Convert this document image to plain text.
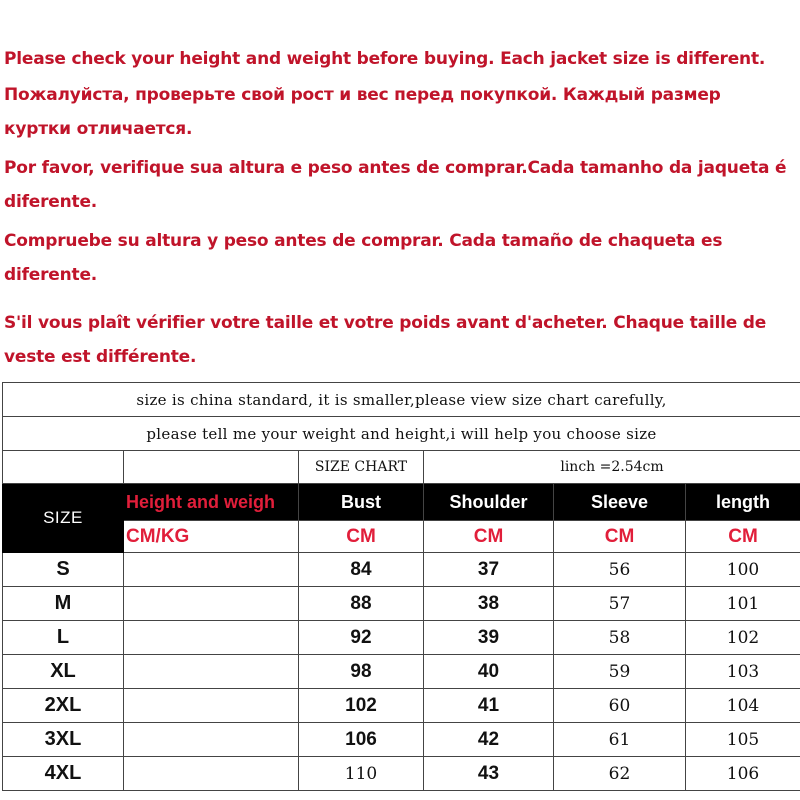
Please check your height and weight before buying. Each jacket size is different.

Пожалуйста, проверьте свой рост и вес перед покупкой. Каждый размер

куртки отличается.

Por favor, verifique sua altura e peso antes de comprar.Cada tamanho da jaqueta é

diferente.

Compruebe su altura y peso antes de comprar. Cada tamaño de chaqueta es

diferente.

S'il vous plaît vérifier votre taille et votre poids avant d'acheter. Chaque taille de

veste est différente.

size is china standard, it is smaller,please view size chart carefully,					
please tell me your weight and height,i will help you choose size					
		SIZE CHART	linch =2.54cm		
SIZE	Height and weigh	Bust	Shoulder	Sleeve	length
	CM/KG	CM	CM	CM	CM
S		84	37	56	100
M		88	38	57	101
L		92	39	58	102
XL		98	40	59	103
2XL		102	41	60	104
3XL		106	42	61	105
4XL		110	43	62	106
